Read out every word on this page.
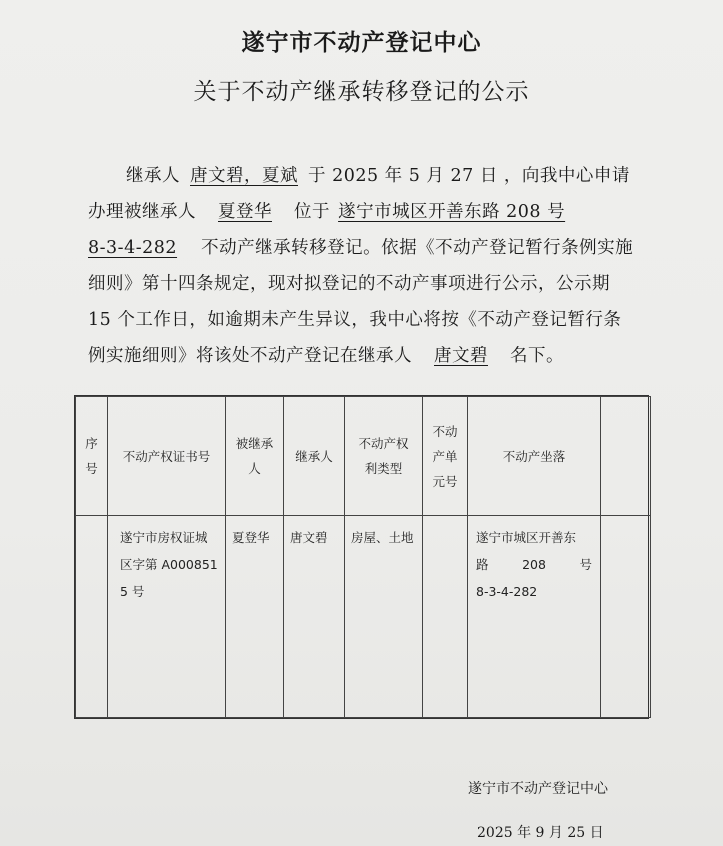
遂宁市不动产登记中心
关于不动产继承转移登记的公示
继承人 唐文碧，夏斌 于 2025 年 5 月 27 日 ，向我中心申请
办理被继承人 夏登华 位于 遂宁市城区开善东路 208 号
8-3-4-282 不动产继承转移登记。依据《不动产登记暂行条例实施
细则》第十四条规定，现对拟登记的不动产事项进行公示，公示期
15 个工作日，如逾期未产生异议，我中心将按《不动产登记暂行条
例实施细则》将该处不动产登记在继承人 唐文碧 名下。
序号	不动产权证书号	被继承人	继承人	不动产权利类型	不动产单元号	不动产坐落	
	遂宁市房权证城区字第 A0008515 号	夏登华	唐文碧	房屋、土地		遂宁市城区开善东
路 208 号
8-3-4-282	

遂宁市不动产登记中心
2025 年 9 月 25 日
